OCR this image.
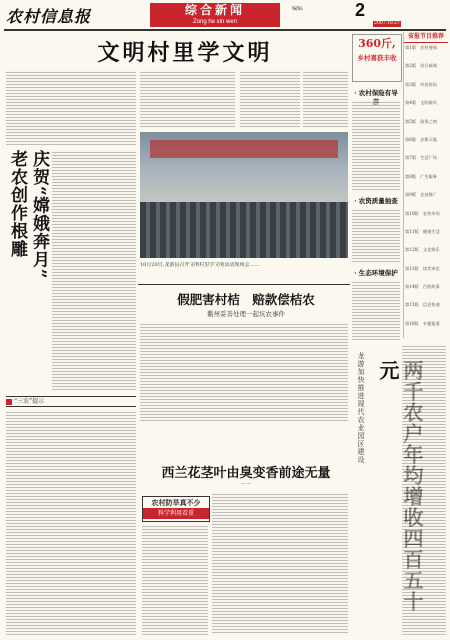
农村信息报	综合新闻
Zong he xin wen
2
编辑:
2007.10.27
文明村里学文明
老农创作根雕 庆贺“嫦娥奔月”	10月20日,龙游县召开文明村里学文明活动现场会……
假肥害村桔　赔款偿桔农
衢州妥善处理一起坑农事件
“三农”提示
西兰花茎叶由臭变香前途无量
— —
农村防旱真不少
科学利用看重
360斤,
乡村喜获丰收
· 农村保险有导
· 农资质量抽查
· 生态环境保护
元
龙游加快推进现代农业园区建设
省报节目推荐
第1版　农村要闻
第2版　综合新闻
第3版　经济资讯
第4版　文明新风
第5版　政务之窗
第6版　法律天地
第7版　生活广场
第8版　广告服务
第9版　农技推广
第10版　农资市场
第11版　健康生活
第12版　文化娱乐
第13版　读者来信
第14版　百姓故事
第15版　信息快递
第16版　专题报道
